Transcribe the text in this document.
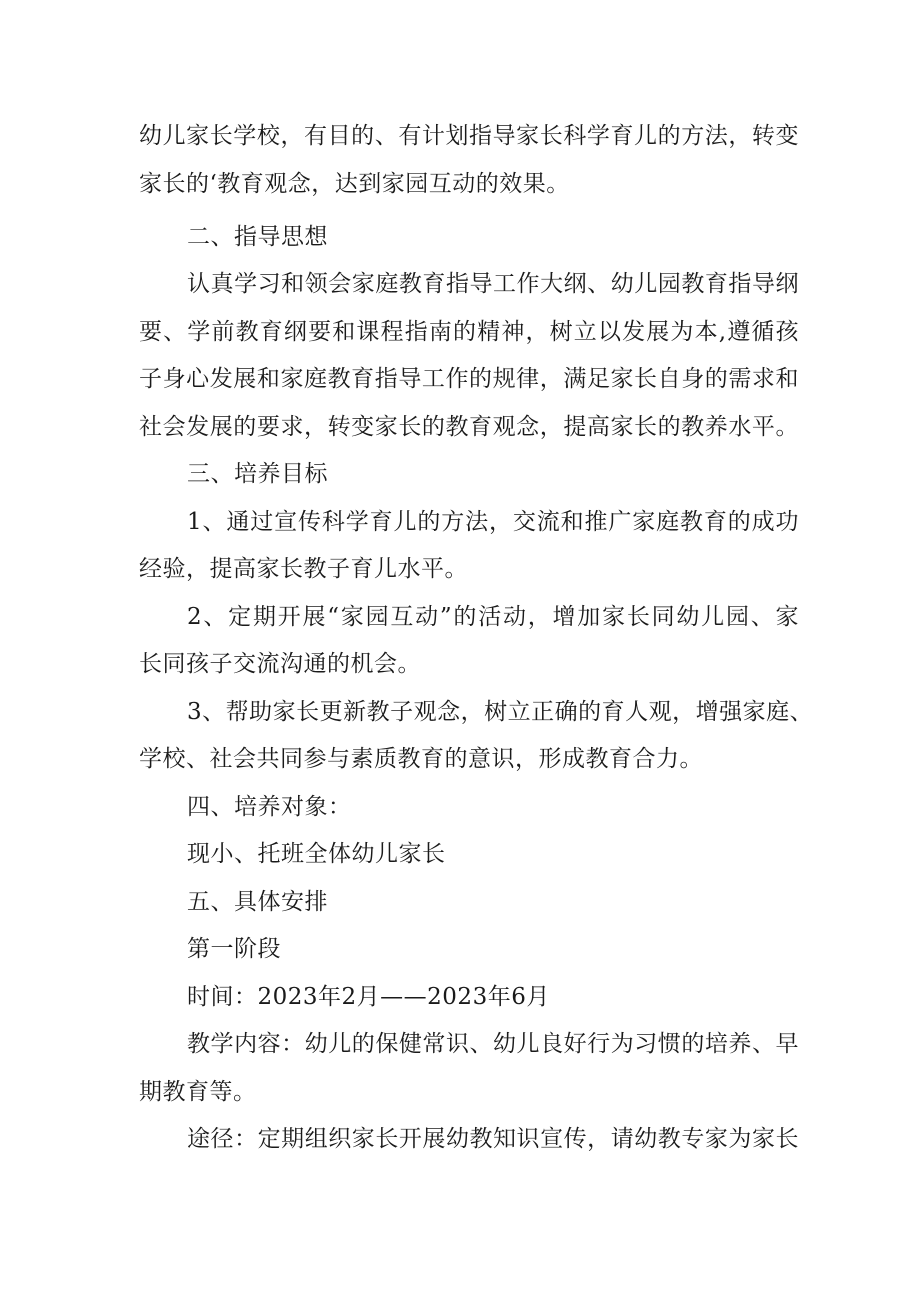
幼儿家长学校，有目的、有计划指导家长科学育儿的方法，转变
家长的‘教育观念，达到家园互动的效果。
二、指导思想
认真学习和领会家庭教育指导工作大纲、幼儿园教育指导纲
要、学前教育纲要和课程指南的精神，树立以发展为本,遵循孩
子身心发展和家庭教育指导工作的规律，满足家长自身的需求和
社会发展的要求，转变家长的教育观念，提高家长的教养水平。
三、培养目标
1、通过宣传科学育儿的方法，交流和推广家庭教育的成功
经验，提高家长教子育儿水平。
2、定期开展“家园互动”的活动，增加家长同幼儿园、家
长同孩子交流沟通的机会。
3、帮助家长更新教子观念，树立正确的育人观，增强家庭、
学校、社会共同参与素质教育的意识，形成教育合力。
四、培养对象：
现小、托班全体幼儿家长
五、具体安排
第一阶段
时间：2023年2月——2023年6月
教学内容：幼儿的保健常识、幼儿良好行为习惯的培养、早
期教育等。
途径：定期组织家长开展幼教知识宣传，请幼教专家为家长
